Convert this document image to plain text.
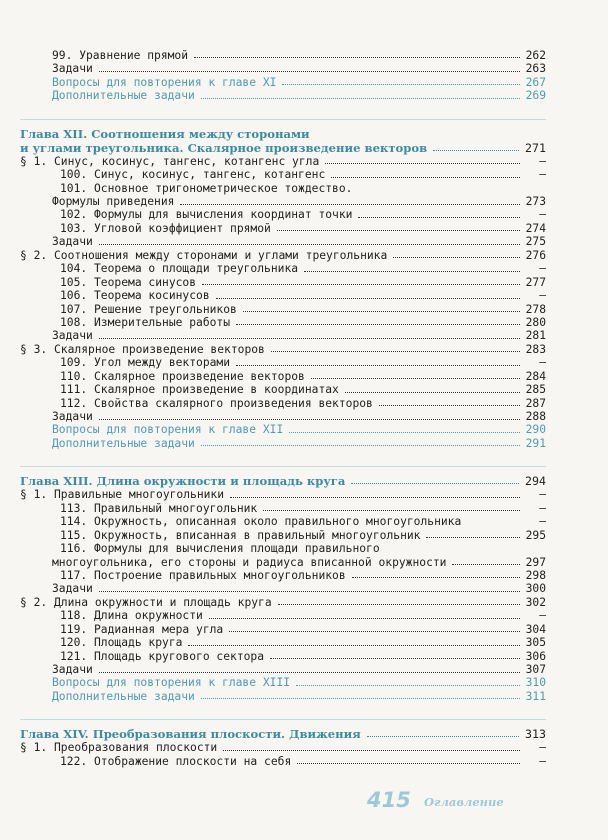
99. Уравнение прямой	262
Задачи	263
Вопросы для повторения к главе XI	267
Дополнительные задачи	269
Глава XII. Соотношения между сторонами
и углами треугольника. Скалярное произведение векторов	271
§ 1. Синус, косинус, тангенс, котангенс угла	—
100. Синус, косинус, тангенс, котангенс	—
101. Основное тригонометрическое тождество.
Формулы приведения	273
102. Формулы для вычисления координат точки	—
103. Угловой коэффициент прямой	274
Задачи	275
§ 2. Соотношения между сторонами и углами треугольника	276
104. Теорема о площади треугольника	—
105. Теорема синусов	277
106. Теорема косинусов	—
107. Решение треугольников	278
108. Измерительные работы	280
Задачи	281
§ 3. Скалярное произведение векторов	283
109. Угол между векторами	—
110. Скалярное произведение векторов	284
111. Скалярное произведение в координатах	285
112. Свойства скалярного произведения векторов	287
Задачи	288
Вопросы для повторения к главе XII	290
Дополнительные задачи	291
Глава XIII. Длина окружности и площадь круга	294
§ 1. Правильные многоугольники	—
113. Правильный многоугольник	—
114. Окружность, описанная около правильного многоугольника	—
115. Окружность, вписанная в правильный многоугольник	295
116. Формулы для вычисления площади правильного
многоугольника, его стороны и радиуса вписанной окружности	297
117. Построение правильных многоугольников	298
Задачи	300
§ 2. Длина окружности и площадь круга	302
118. Длина окружности	—
119. Радианная мера угла	304
120. Площадь круга	305
121. Площадь кругового сектора	306
Задачи	307
Вопросы для повторения к главе XIII	310
Дополнительные задачи	311
Глава XIV. Преобразования плоскости. Движения	313
§ 1. Преобразования плоскости	—
122. Отображение плоскости на себя	—
415 Оглавление
